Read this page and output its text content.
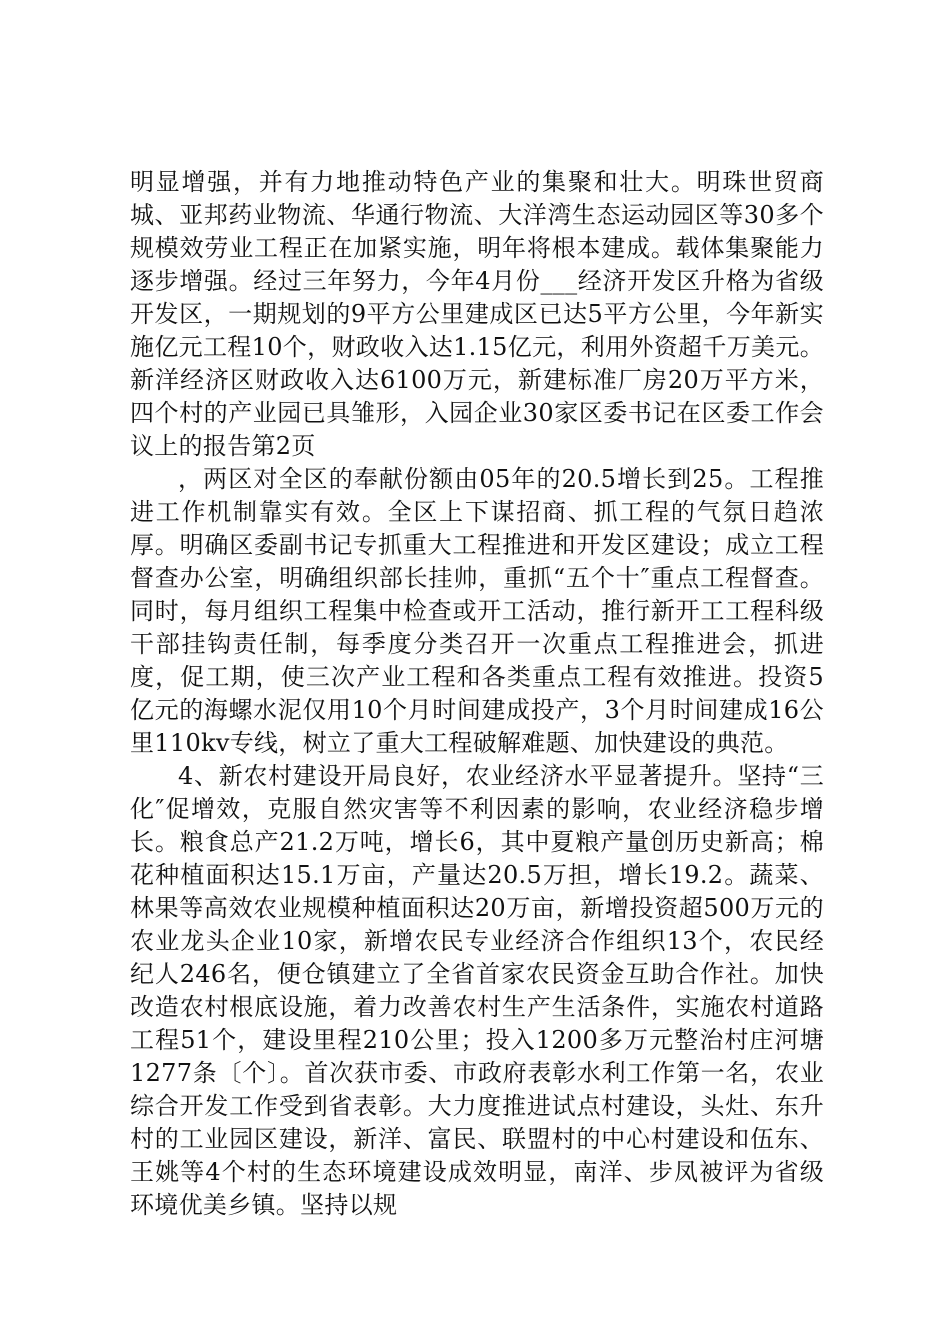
明显增强，并有力地推动特色产业的集聚和壮大。明珠世贸商城、亚邦药业物流、华通行物流、大洋湾生态运动园区等30多个规模效劳业工程正在加紧实施，明年将根本建成。载体集聚能力逐步增强。经过三年努力，今年4月份___经济开发区升格为省级开发区，一期规划的9平方公里建成区已达5平方公里，今年新实施亿元工程10个，财政收入达1.15亿元，利用外资超千万美元。新洋经济区财政收入达6100万元，新建标准厂房20万平方米，四个村的产业园已具雏形，入园企业30家区委书记在区委工作会议上的报告第2页

，两区对全区的奉献份额由05年的20.5增长到25。工程推进工作机制靠实有效。全区上下谋招商、抓工程的气氛日趋浓厚。明确区委副书记专抓重大工程推进和开发区建设；成立工程督查办公室，明确组织部长挂帅，重抓“五个十″重点工程督查。同时，每月组织工程集中检查或开工活动，推行新开工工程科级干部挂钩责任制，每季度分类召开一次重点工程推进会，抓进度，促工期，使三次产业工程和各类重点工程有效推进。投资5亿元的海螺水泥仅用10个月时间建成投产，3个月时间建成16公里110kv专线，树立了重大工程破解难题、加快建设的典范。

4、新农村建设开局良好，农业经济水平显著提升。坚持“三化″促增效，克服自然灾害等不利因素的影响，农业经济稳步增长。粮食总产21.2万吨，增长6，其中夏粮产量创历史新高；棉花种植面积达15.1万亩，产量达20.5万担，增长19.2。蔬菜、林果等高效农业规模种植面积达20万亩，新增投资超500万元的农业龙头企业10家，新增农民专业经济合作组织13个，农民经纪人246名，便仓镇建立了全省首家农民资金互助合作社。加快改造农村根底设施，着力改善农村生产生活条件，实施农村道路工程51个，建设里程210公里；投入1200多万元整治村庄河塘1277条〔个〕。首次获市委、市政府表彰水利工作第一名，农业综合开发工作受到省表彰。大力度推进试点村建设，头灶、东升村的工业园区建设，新洋、富民、联盟村的中心村建设和伍东、王姚等4个村的生态环境建设成效明显，南洋、步凤被评为省级环境优美乡镇。坚持以规
